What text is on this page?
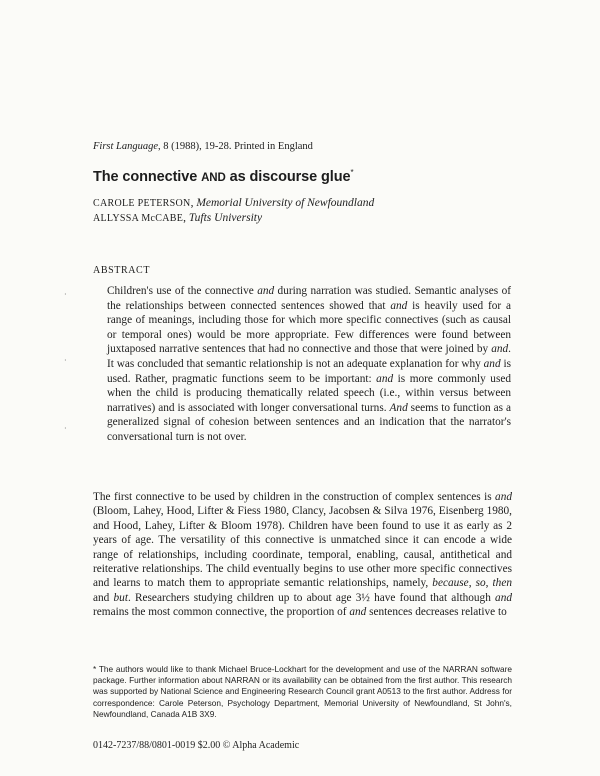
First Language, 8 (1988), 19-28. Printed in England
The connective AND as discourse glue*
CAROLE PETERSON, Memorial University of Newfoundland
ALLYSSA McCABE, Tufts University
ABSTRACT
Children's use of the connective and during narration was studied. Semantic analyses of the relationships between connected sentences showed that and is heavily used for a range of meanings, including those for which more specific connectives (such as causal or temporal ones) would be more appropriate. Few differences were found between juxtaposed narrative sentences that had no connective and those that were joined by and. It was concluded that semantic relationship is not an adequate explanation for why and is used. Rather, pragmatic functions seem to be important: and is more commonly used when the child is producing thematically related speech (i.e., within versus between narratives) and is associated with longer conversational turns. And seems to function as a generalized signal of cohesion between sentences and an indication that the narrator's conversational turn is not over.
The first connective to be used by children in the construction of complex sentences is and (Bloom, Lahey, Hood, Lifter & Fiess 1980, Clancy, Jacobsen & Silva 1976, Eisenberg 1980, and Hood, Lahey, Lifter & Bloom 1978). Children have been found to use it as early as 2 years of age. The versatility of this connective is unmatched since it can encode a wide range of relationships, including coordinate, temporal, enabling, causal, antithetical and reiterative relationships. The child eventually begins to use other more specific connectives and learns to match them to appropriate semantic relationships, namely, because, so, then and but. Researchers studying children up to about age 3½ have found that although and remains the most common connective, the proportion of and sentences decreases relative to
* The authors would like to thank Michael Bruce-Lockhart for the development and use of the NARRAN software package. Further information about NARRAN or its availability can be obtained from the first author. This research was supported by National Science and Engineering Research Council grant A0513 to the first author. Address for correspondence: Carole Peterson, Psychology Department, Memorial University of Newfoundland, St John's, Newfoundland, Canada A1B 3X9.
0142-7237/88/0801-0019 $2.00 © Alpha Academic
·
·
·
